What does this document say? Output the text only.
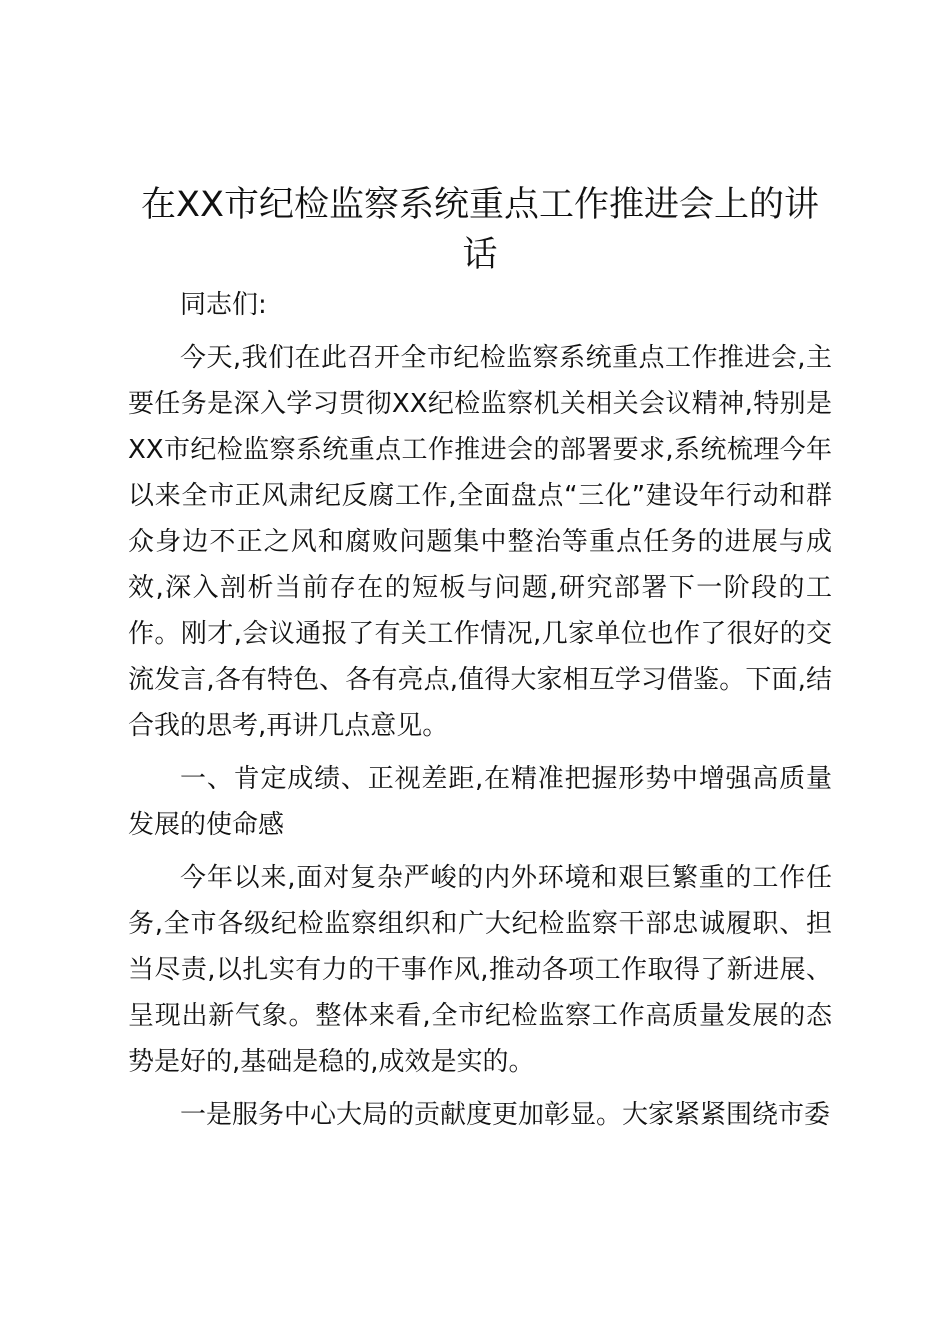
在XX市纪检监察系统重点工作推进会上的讲话

同志们:

今天,我们在此召开全市纪检监察系统重点工作推进会,主要任务是深入学习贯彻XX纪检监察机关相关会议精神,特别是XX市纪检监察系统重点工作推进会的部署要求,系统梳理今年以来全市正风肃纪反腐工作,全面盘点“三化”建设年行动和群众身边不正之风和腐败问题集中整治等重点任务的进展与成效,深入剖析当前存在的短板与问题,研究部署下一阶段的工作。刚才,会议通报了有关工作情况,几家单位也作了很好的交流发言,各有特色、各有亮点,值得大家相互学习借鉴。下面,结合我的思考,再讲几点意见。

一、肯定成绩、正视差距,在精准把握形势中增强高质量发展的使命感

今年以来,面对复杂严峻的内外环境和艰巨繁重的工作任务,全市各级纪检监察组织和广大纪检监察干部忠诚履职、担当尽责,以扎实有力的干事作风,推动各项工作取得了新进展、呈现出新气象。整体来看,全市纪检监察工作高质量发展的态势是好的,基础是稳的,成效是实的。

一是服务中心大局的贡献度更加彰显。大家紧紧围绕市委
